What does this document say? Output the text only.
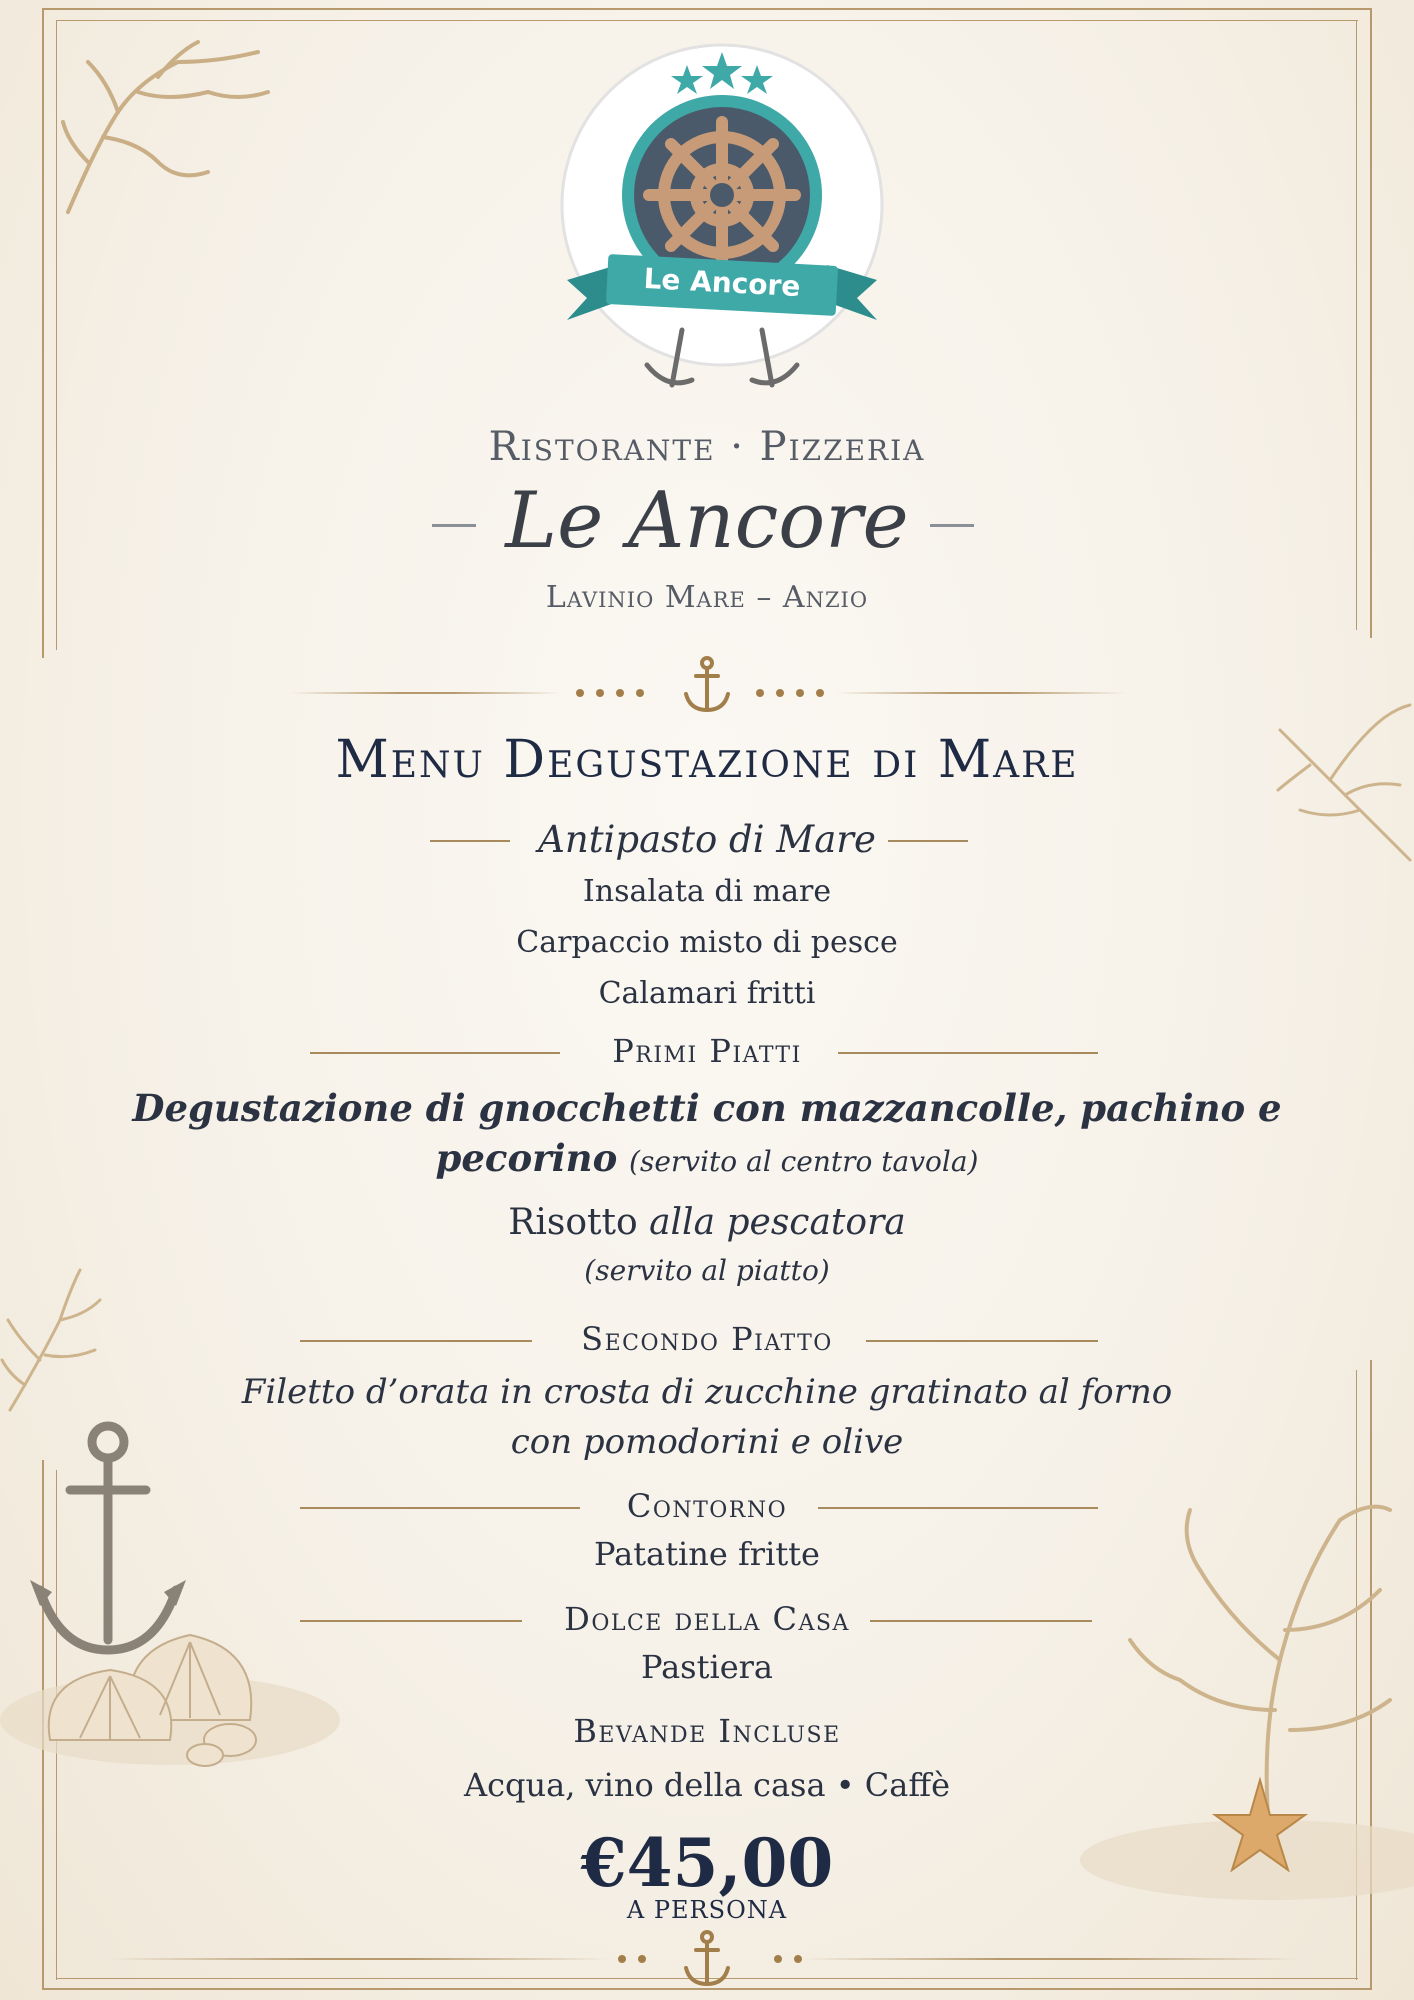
Le Ancore
Ristorante · Pizzeria
Le Ancore
Lavinio Mare – Anzio
Menu Degustazione di Mare
Antipasto di Mare
Insalata di mare
Carpaccio misto di pesce
Calamari fritti
Primi Piatti
Degustazione di gnocchetti con mazzancolle, pachino e
pecorino (servito al centro tavola)
Risotto alla pescatora
(servito al piatto)
Secondo Piatto
Filetto d’orata in crosta di zucchine gratinato al forno
con pomodorini e olive
Contorno
Patatine fritte
Dolce della Casa
Pastiera
Bevande Incluse
Acqua, vino della casa • Caffè
€45,00
A PERSONA
